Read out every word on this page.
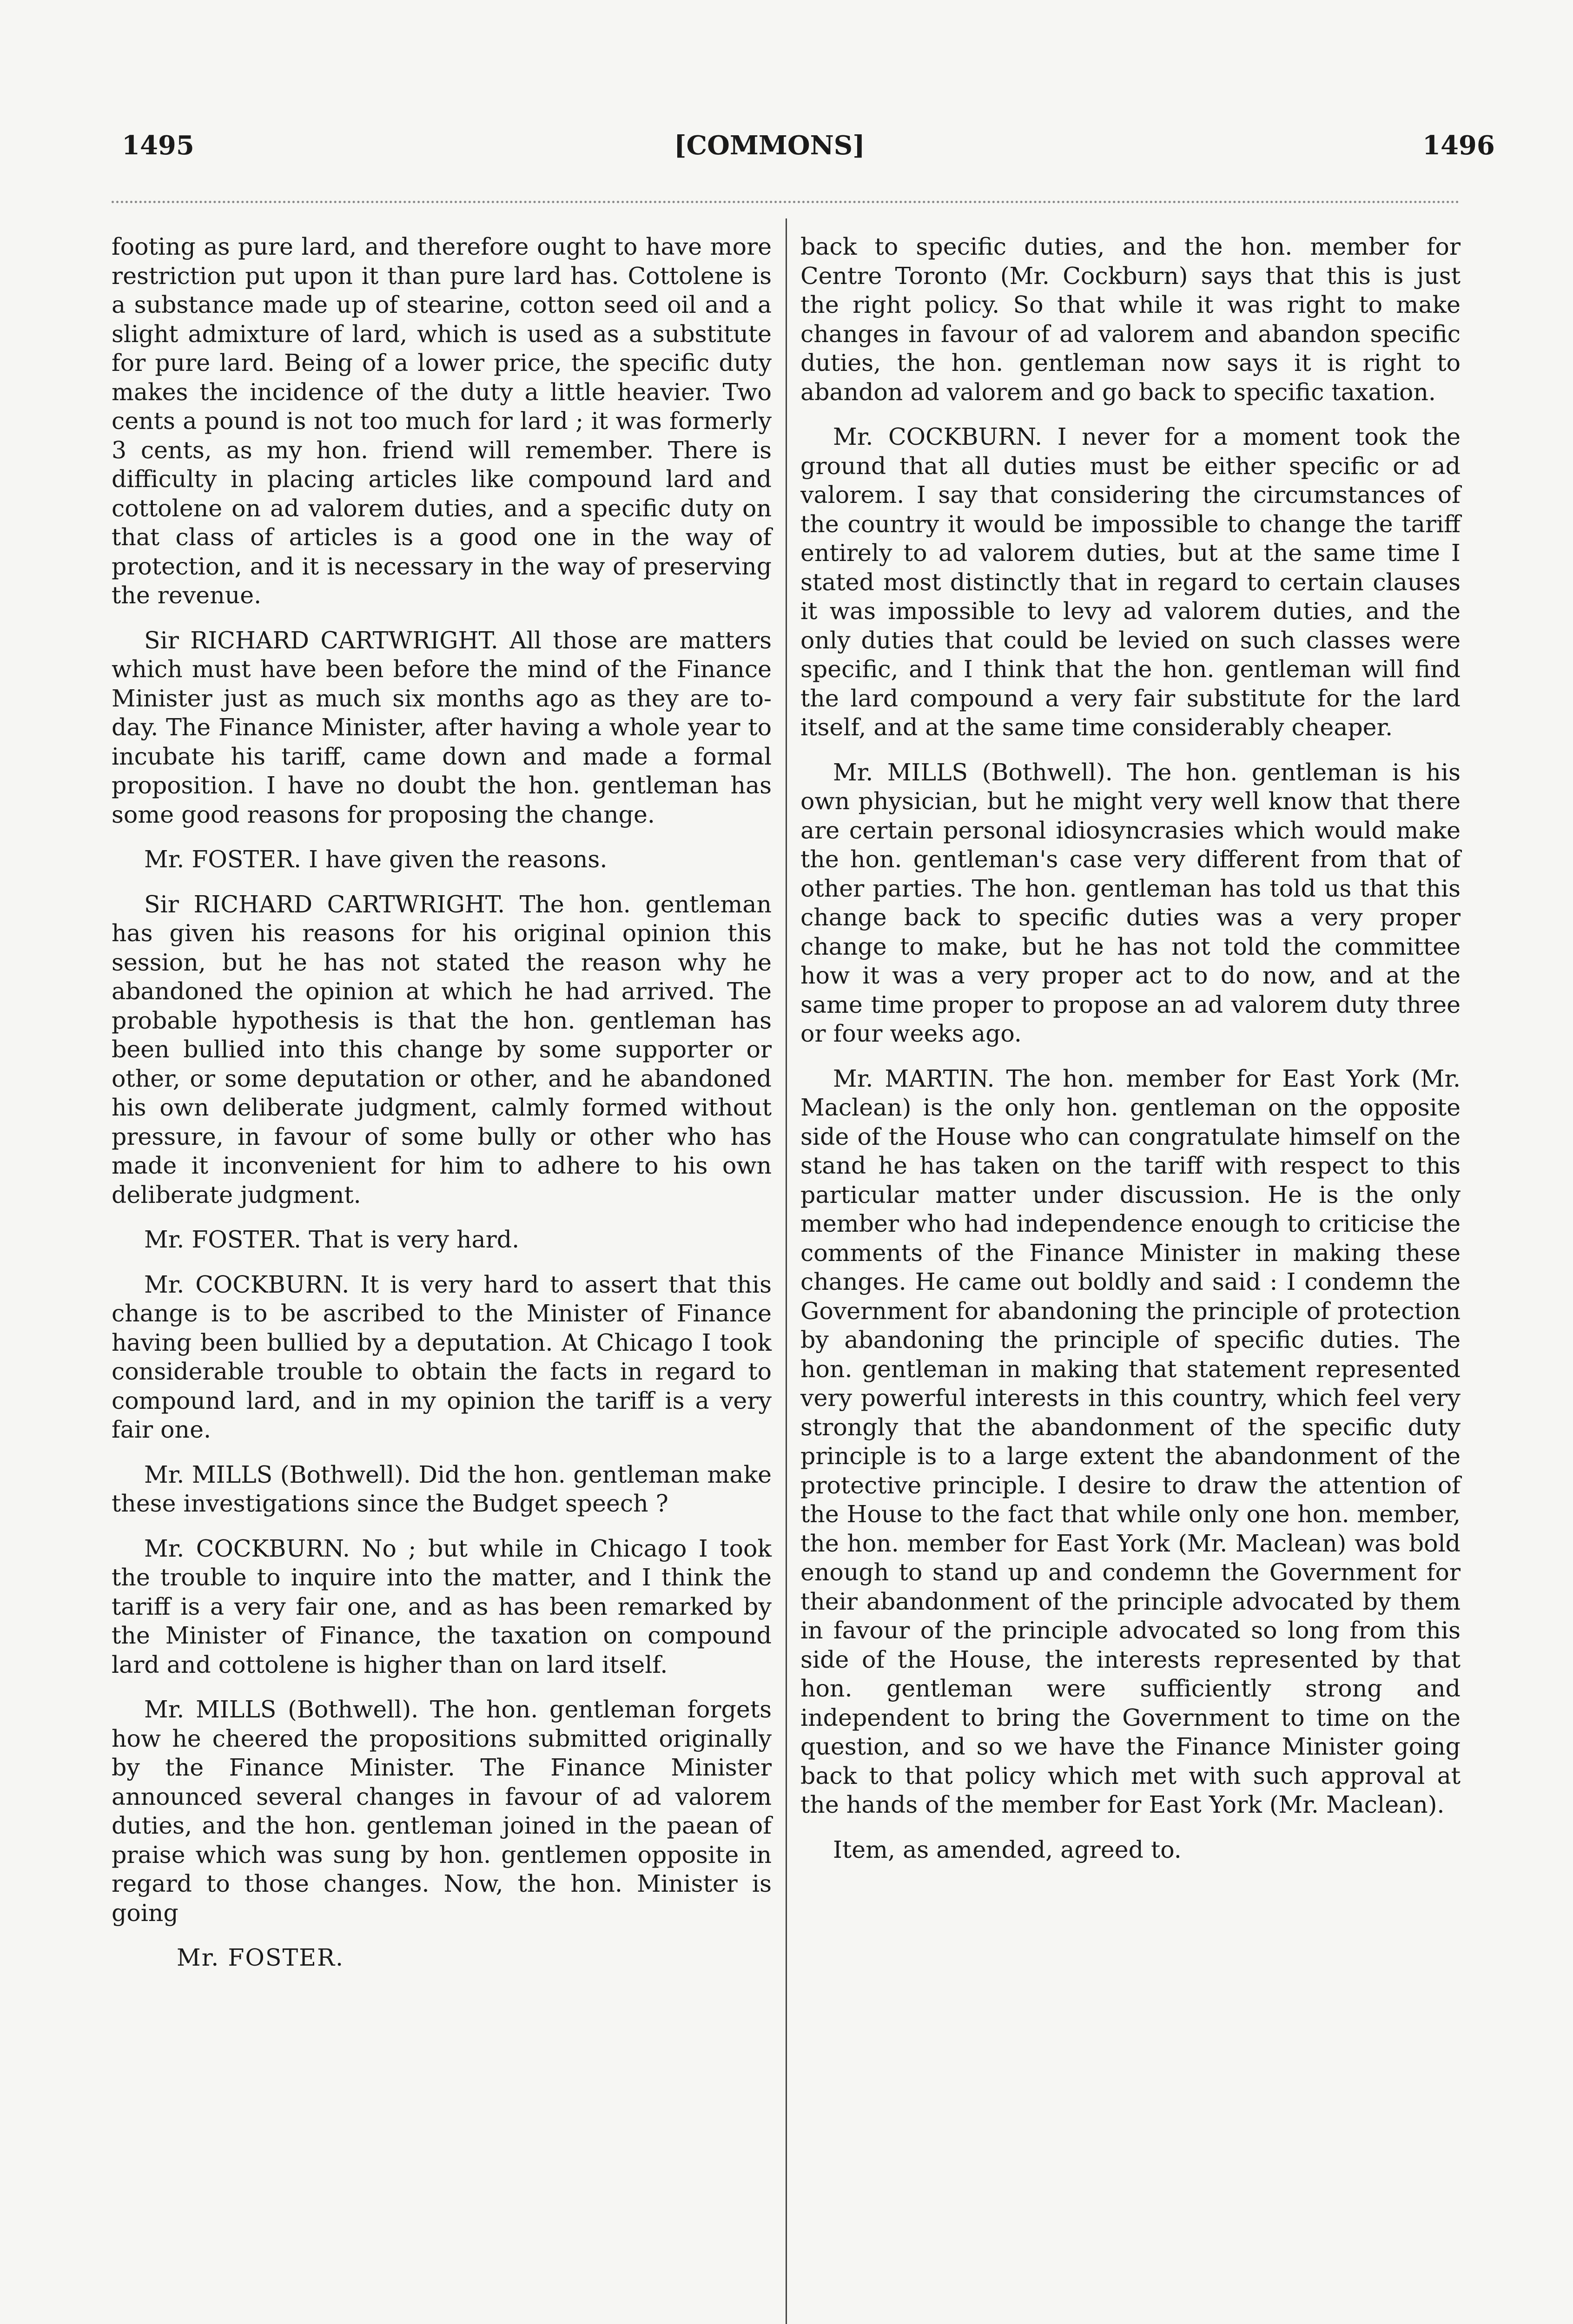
1495	[COMMONS]	1496

footing as pure lard, and therefore ought to have more restriction put upon it than pure lard has. Cottolene is a substance made up of stearine, cotton seed oil and a slight admixture of lard, which is used as a substitute for pure lard. Being of a lower price, the specific duty makes the incidence of the duty a little heavier. Two cents a pound is not too much for lard ; it was formerly 3 cents, as my hon. friend will remember. There is difficulty in placing articles like compound lard and cottolene on ad valorem duties, and a specific duty on that class of articles is a good one in the way of protection, and it is necessary in the way of preserving the revenue.

Sir RICHARD CARTWRIGHT. All those are matters which must have been before the mind of the Finance Minister just as much six months ago as they are to-day. The Finance Minister, after having a whole year to incubate his tariff, came down and made a formal proposition. I have no doubt the hon. gentleman has some good reasons for proposing the change.

Mr. FOSTER. I have given the reasons.

Sir RICHARD CARTWRIGHT. The hon. gentleman has given his reasons for his original opinion this session, but he has not stated the reason why he abandoned the opinion at which he had arrived. The probable hypothesis is that the hon. gentleman has been bullied into this change by some supporter or other, or some deputation or other, and he abandoned his own deliberate judgment, calmly formed without pressure, in favour of some bully or other who has made it inconvenient for him to adhere to his own deliberate judgment.

Mr. FOSTER. That is very hard.

Mr. COCKBURN. It is very hard to assert that this change is to be ascribed to the Minister of Finance having been bullied by a deputation. At Chicago I took considerable trouble to obtain the facts in regard to compound lard, and in my opinion the tariff is a very fair one.

Mr. MILLS (Bothwell). Did the hon. gentleman make these investigations since the Budget speech ?

Mr. COCKBURN. No ; but while in Chicago I took the trouble to inquire into the matter, and I think the tariff is a very fair one, and as has been remarked by the Minister of Finance, the taxation on compound lard and cottolene is higher than on lard itself.

Mr. MILLS (Bothwell). The hon. gentleman forgets how he cheered the propositions submitted originally by the Finance Minister. The Finance Minister announced several changes in favour of ad valorem duties, and the hon. gentleman joined in the paean of praise which was sung by hon. gentlemen opposite in regard to those changes. Now, the hon. Minister is going

Mr. FOSTER.

back to specific duties, and the hon. member for Centre Toronto (Mr. Cockburn) says that this is just the right policy. So that while it was right to make changes in favour of ad valorem and abandon specific duties, the hon. gentleman now says it is right to abandon ad valorem and go back to specific taxation.

Mr. COCKBURN. I never for a moment took the ground that all duties must be either specific or ad valorem. I say that considering the circumstances of the country it would be impossible to change the tariff entirely to ad valorem duties, but at the same time I stated most distinctly that in regard to certain clauses it was impossible to levy ad valorem duties, and the only duties that could be levied on such classes were specific, and I think that the hon. gentleman will find the lard compound a very fair substitute for the lard itself, and at the same time considerably cheaper.

Mr. MILLS (Bothwell). The hon. gentleman is his own physician, but he might very well know that there are certain personal idiosyncrasies which would make the hon. gentleman's case very different from that of other parties. The hon. gentleman has told us that this change back to specific duties was a very proper change to make, but he has not told the committee how it was a very proper act to do now, and at the same time proper to propose an ad valorem duty three or four weeks ago.

Mr. MARTIN. The hon. member for East York (Mr. Maclean) is the only hon. gentleman on the opposite side of the House who can congratulate himself on the stand he has taken on the tariff with respect to this particular matter under discussion. He is the only member who had independence enough to criticise the comments of the Finance Minister in making these changes. He came out boldly and said : I condemn the Government for abandoning the principle of protection by abandoning the principle of specific duties. The hon. gentleman in making that statement represented very powerful interests in this country, which feel very strongly that the abandonment of the specific duty principle is to a large extent the abandonment of the protective principle. I desire to draw the attention of the House to the fact that while only one hon. member, the hon. member for East York (Mr. Maclean) was bold enough to stand up and condemn the Government for their abandonment of the principle advocated by them in favour of the principle advocated so long from this side of the House, the interests represented by that hon. gentleman were sufficiently strong and independent to bring the Government to time on the question, and so we have the Finance Minister going back to that policy which met with such approval at the hands of the member for East York (Mr. Maclean).

Item, as amended, agreed to.
